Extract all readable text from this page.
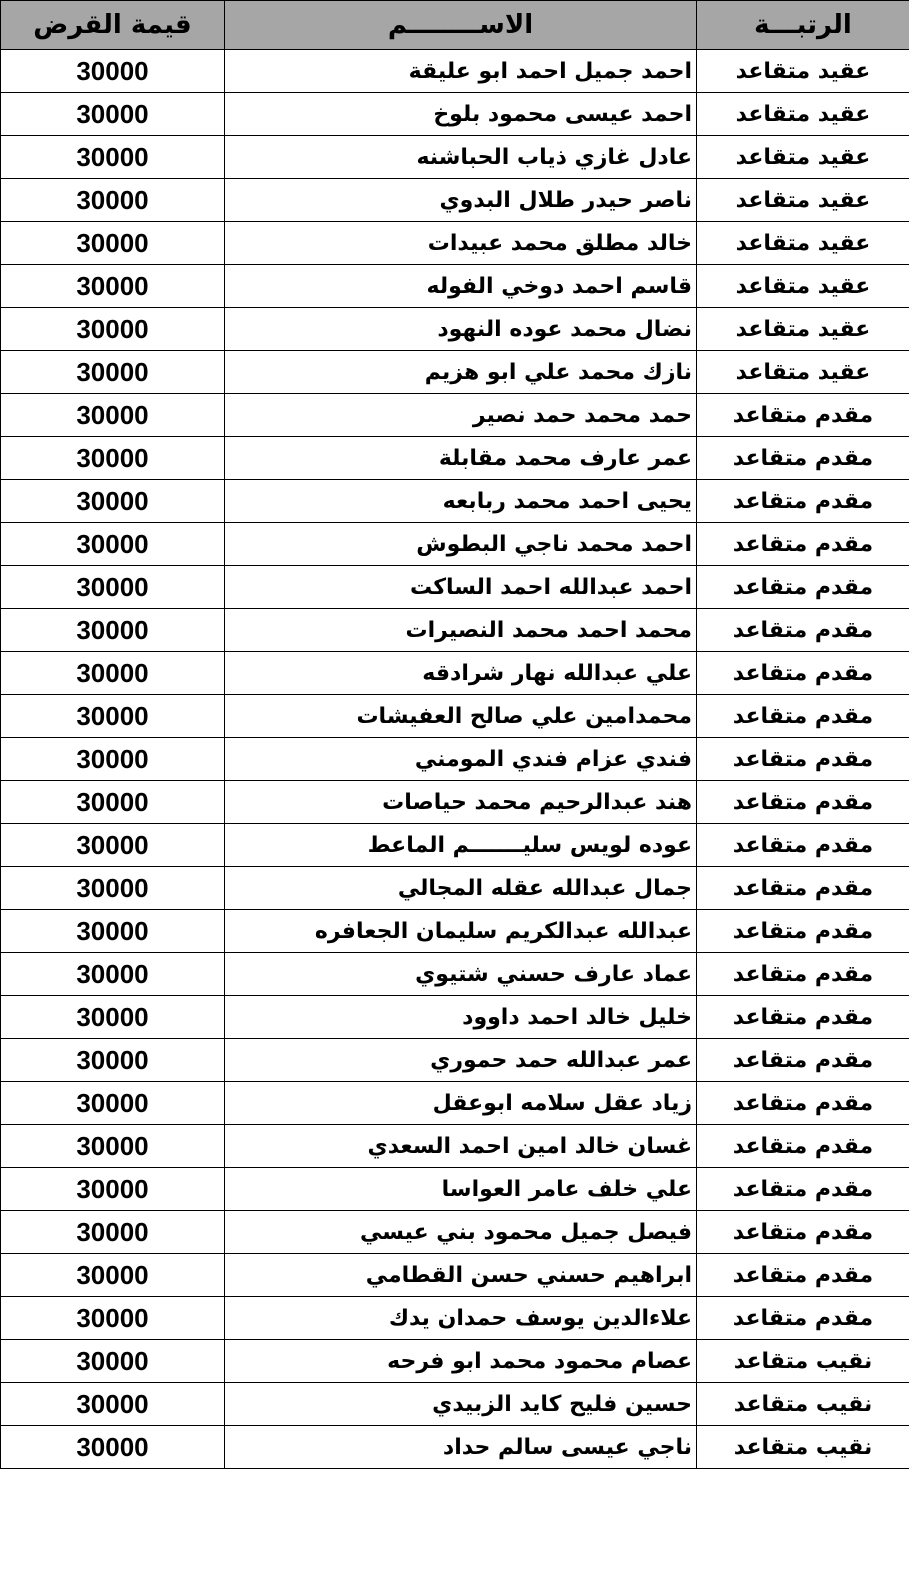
الرتبـــة	الاســــــــم	قيمة القرض
عقيد متقاعد	احمد جميل احمد ابو عليقة	30000
عقيد متقاعد	احمد عيسى محمود بلوخ	30000
عقيد متقاعد	عادل غازي ذياب الحباشنه	30000
عقيد متقاعد	ناصر حيدر طلال البدوي	30000
عقيد متقاعد	خالد مطلق محمد عبيدات	30000
عقيد متقاعد	قاسم احمد دوخي الفوله	30000
عقيد متقاعد	نضال محمد عوده النهود	30000
عقيد متقاعد	نازك محمد علي ابو هزيم	30000
مقدم متقاعد	حمد محمد حمد نصير	30000
مقدم متقاعد	عمر عارف محمد مقابلة	30000
مقدم متقاعد	يحيى احمد محمد ربابعه	30000
مقدم متقاعد	احمد محمد ناجي البطوش	30000
مقدم متقاعد	احمد عبدالله احمد الساكت	30000
مقدم متقاعد	محمد احمد محمد النصيرات	30000
مقدم متقاعد	علي عبدالله نهار شرادقه	30000
مقدم متقاعد	محمدامين علي صالح العفيشات	30000
مقدم متقاعد	فندي عزام فندي المومني	30000
مقدم متقاعد	هند عبدالرحيم محمد حياصات	30000
مقدم متقاعد	عوده لويس سليـــــــم الماعط	30000
مقدم متقاعد	جمال عبدالله عقله المجالي	30000
مقدم متقاعد	عبدالله عبدالكريم سليمان الجعافره	30000
مقدم متقاعد	عماد عارف حسني شتيوي	30000
مقدم متقاعد	خليل خالد احمد داوود	30000
مقدم متقاعد	عمر عبدالله حمد حموري	30000
مقدم متقاعد	زياد عقل سلامه ابوعقل	30000
مقدم متقاعد	غسان خالد امين احمد السعدي	30000
مقدم متقاعد	علي خلف عامر العواسا	30000
مقدم متقاعد	فيصل جميل محمود بني عيسي	30000
مقدم متقاعد	ابراهيم حسني حسن القطامي	30000
مقدم متقاعد	علاءالدين يوسف حمدان يدك	30000
نقيب متقاعد	عصام محمود محمد ابو فرحه	30000
نقيب متقاعد	حسين فليح كايد الزبيدي	30000
نقيب متقاعد	ناجي عيسى سالم حداد	30000
